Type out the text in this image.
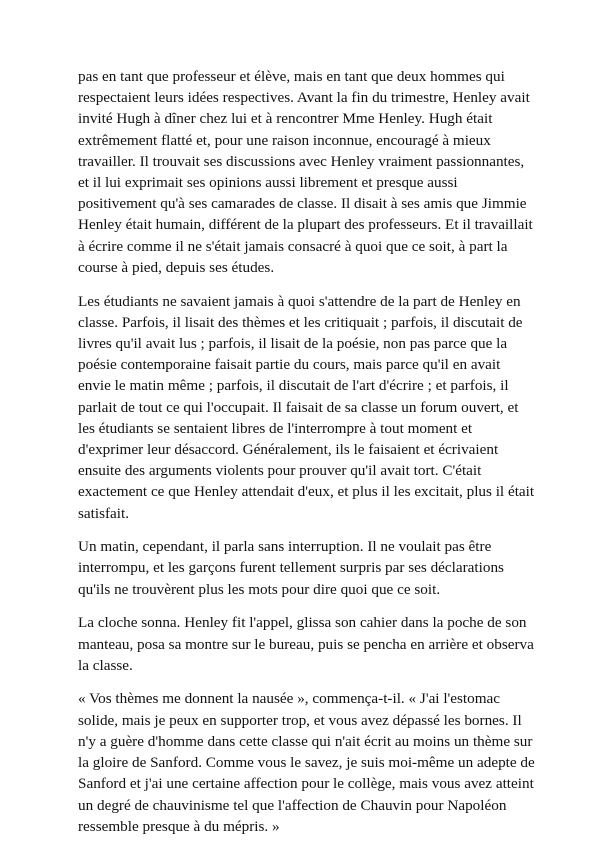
pas en tant que professeur et élève, mais en tant que deux hommes qui respectaient leurs idées respectives. Avant la fin du trimestre, Henley avait invité Hugh à dîner chez lui et à rencontrer Mme Henley. Hugh était extrêmement flatté et, pour une raison inconnue, encouragé à mieux travailler. Il trouvait ses discussions avec Henley vraiment passionnantes, et il lui exprimait ses opinions aussi librement et presque aussi positivement qu'à ses camarades de classe. Il disait à ses amis que Jimmie Henley était humain, différent de la plupart des professeurs. Et il travaillait à écrire comme il ne s'était jamais consacré à quoi que ce soit, à part la course à pied, depuis ses études.

Les étudiants ne savaient jamais à quoi s'attendre de la part de Henley en classe. Parfois, il lisait des thèmes et les critiquait ; parfois, il discutait de livres qu'il avait lus ; parfois, il lisait de la poésie, non pas parce que la poésie contemporaine faisait partie du cours, mais parce qu'il en avait envie le matin même ; parfois, il discutait de l'art d'écrire ; et parfois, il parlait de tout ce qui l'occupait. Il faisait de sa classe un forum ouvert, et les étudiants se sentaient libres de l'interrompre à tout moment et d'exprimer leur désaccord. Généralement, ils le faisaient et écrivaient ensuite des arguments violents pour prouver qu'il avait tort. C'était exactement ce que Henley attendait d'eux, et plus il les excitait, plus il était satisfait.

Un matin, cependant, il parla sans interruption. Il ne voulait pas être interrompu, et les garçons furent tellement surpris par ses déclarations qu'ils ne trouvèrent plus les mots pour dire quoi que ce soit.

La cloche sonna. Henley fit l'appel, glissa son cahier dans la poche de son manteau, posa sa montre sur le bureau, puis se pencha en arrière et observa la classe.

« Vos thèmes me donnent la nausée », commença-t-il. « J'ai l'estomac solide, mais je peux en supporter trop, et vous avez dépassé les bornes. Il n'y a guère d'homme dans cette classe qui n'ait écrit au moins un thème sur la gloire de Sanford. Comme vous le savez, je suis moi-même un adepte de Sanford et j'ai une certaine affection pour le collège, mais vous avez atteint un degré de chauvinisme tel que l'affection de Chauvin pour Napoléon ressemble presque à du mépris. »
